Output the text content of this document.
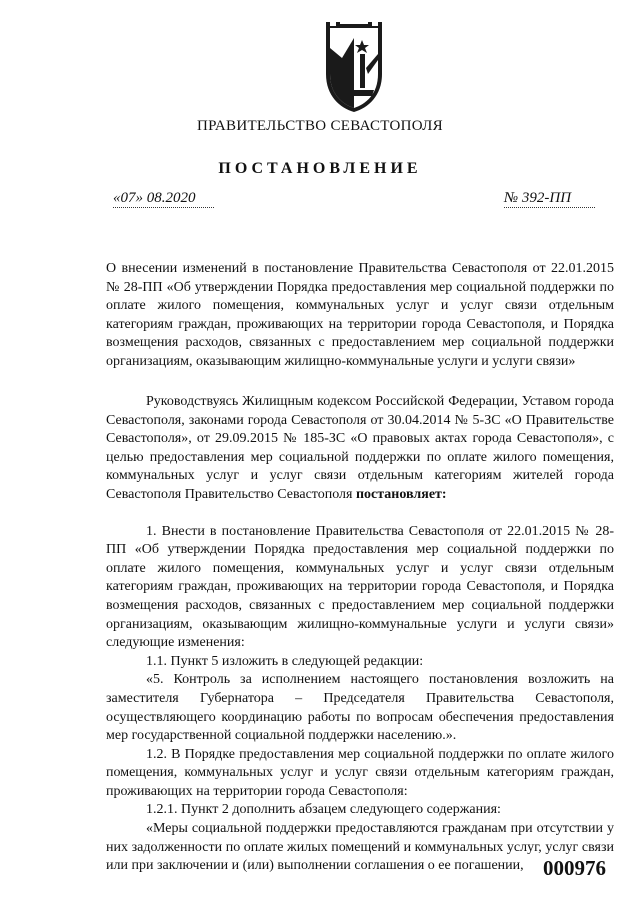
ПРАВИТЕЛЬСТВО СЕВАСТОПОЛЯ
ПОСТАНОВЛЕНИЕ
«07» 08.2020	№ 392-ПП
О внесении изменений в постановление Правительства Севастополя от 22.01.2015 № 28-ПП «Об утверждении Порядка предоставления мер социальной поддержки по оплате жилого помещения, коммунальных услуг и услуг связи отдельным категориям граждан, проживающих на территории города Севастополя, и Порядка возмещения расходов, связанных с предоставлением мер социальной поддержки организациям, оказывающим жилищно-коммунальные услуги и услуги связи»

Руководствуясь Жилищным кодексом Российской Федерации, Уставом города Севастополя, законами города Севастополя от 30.04.2014 № 5-ЗС «О Правительстве Севастополя», от 29.09.2015 № 185-ЗС «О правовых актах города Севастополя», с целью предоставления мер социальной поддержки по оплате жилого помещения, коммунальных услуг и услуг связи отдельным категориям жителей города Севастополя Правительство Севастополя постановляет:

1. Внести в постановление Правительства Севастополя от 22.01.2015 № 28-ПП «Об утверждении Порядка предоставления мер социальной поддержки по оплате жилого помещения, коммунальных услуг и услуг связи отдельным категориям граждан, проживающих на территории города Севастополя, и Порядка возмещения расходов, связанных с предоставлением мер социальной поддержки организациям, оказывающим жилищно-коммунальные услуги и услуги связи» следующие изменения:

1.1. Пункт 5 изложить в следующей редакции:

«5. Контроль за исполнением настоящего постановления возложить на заместителя Губернатора – Председателя Правительства Севастополя, осуществляющего координацию работы по вопросам обеспечения предоставления мер государственной социальной поддержки населению.».

1.2. В Порядке предоставления мер социальной поддержки по оплате жилого помещения, коммунальных услуг и услуг связи отдельным категориям граждан, проживающих на территории города Севастополя:

1.2.1. Пункт 2 дополнить абзацем следующего содержания:

«Меры социальной поддержки предоставляются гражданам при отсутствии у них задолженности по оплате жилых помещений и коммунальных услуг, услуг связи или при заключении и (или) выполнении соглашения о ее погашении, 000976
